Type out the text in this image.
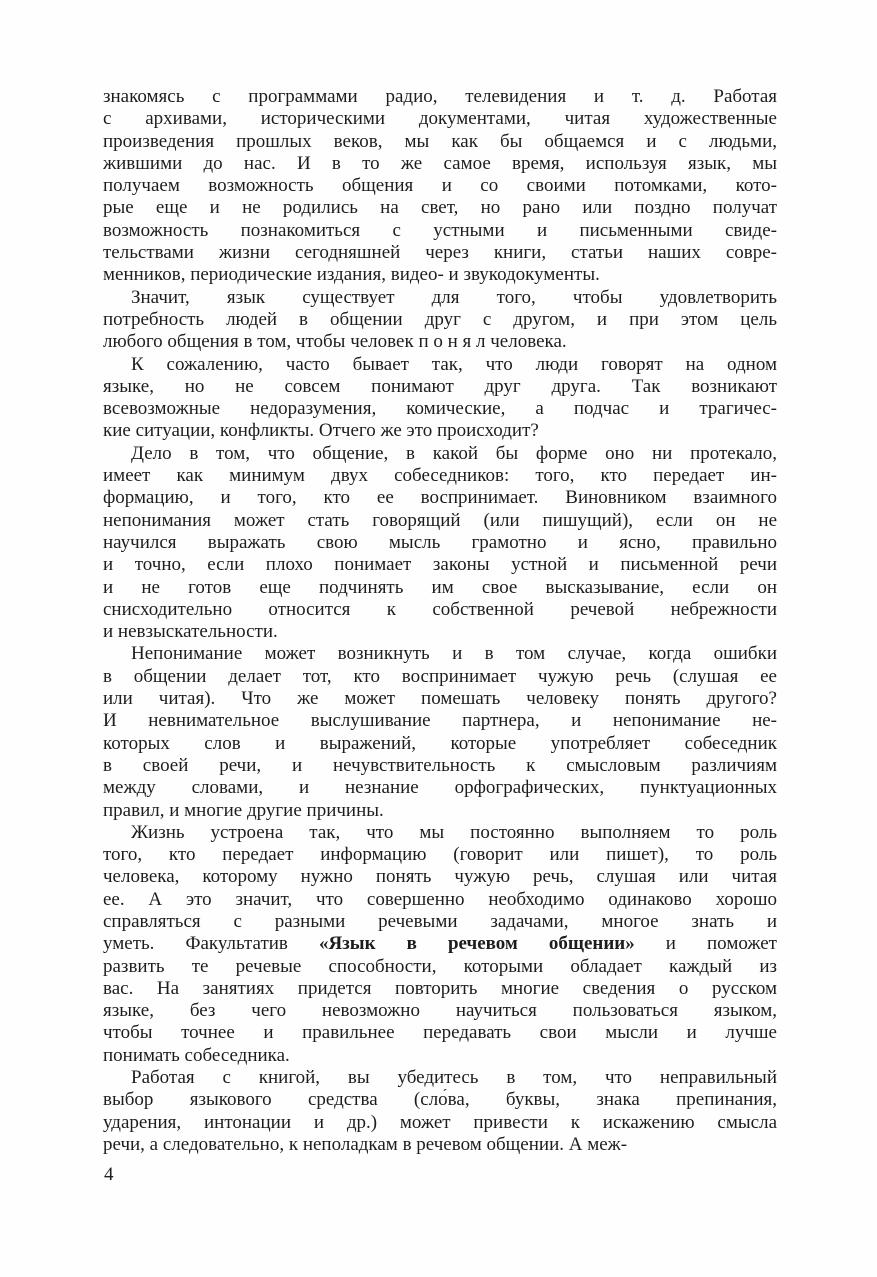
знакомясь с программами радио, телевидения и т. д. Работая
с архивами, историческими документами, читая художественные
произведения прошлых веков, мы как бы общаемся и с людьми,
жившими до нас. И в то же самое время, используя язык, мы
получаем возможность общения и со своими потомками, кото-
рые еще и не родились на свет, но рано или поздно получат
возможность познакомиться с устными и письменными свиде-
тельствами жизни сегодняшней через книги, статьи наших совре-
менников, периодические издания, видео- и звукодокументы.
Значит, язык существует для того, чтобы удовлетворить
потребность людей в общении друг с другом, и при этом цель
любого общения в том, чтобы человек п о н я л человека.
К сожалению, часто бывает так, что люди говорят на одном
языке, но не совсем понимают друг друга. Так возникают
всевозможные недоразумения, комические, а подчас и трагичес-
кие ситуации, конфликты. Отчего же это происходит?
Дело в том, что общение, в какой бы форме оно ни протекало,
имеет как минимум двух собеседников: того, кто передает ин-
формацию, и того, кто ее воспринимает. Виновником взаимного
непонимания может стать говорящий (или пишущий), если он не
научился выражать свою мысль грамотно и ясно, правильно
и точно, если плохо понимает законы устной и письменной речи
и не готов еще подчинять им свое высказывание, если он
снисходительно относится к собственной речевой небрежности
и невзыскательности.
Непонимание может возникнуть и в том случае, когда ошибки
в общении делает тот, кто воспринимает чужую речь (слушая ее
или читая). Что же может помешать человеку понять другого?
И невнимательное выслушивание партнера, и непонимание не-
которых слов и выражений, которые употребляет собеседник
в своей речи, и нечувствительность к смысловым различиям
между словами, и незнание орфографических, пунктуационных
правил, и многие другие причины.
Жизнь устроена так, что мы постоянно выполняем то роль
того, кто передает информацию (говорит или пишет), то роль
человека, которому нужно понять чужую речь, слушая или читая
ее. А это значит, что совершенно необходимо одинаково хорошо
справляться с разными речевыми задачами, многое знать и
уметь. Факультатив «Язык в речевом общении» и поможет
развить те речевые способности, которыми обладает каждый из
вас. На занятиях придется повторить многие сведения о русском
языке, без чего невозможно научиться пользоваться языком,
чтобы точнее и правильнее передавать свои мысли и лучше
понимать собеседника.
Работая с книгой, вы убедитесь в том, что неправильный
выбор языкового средства (сло́ва, буквы, знака препинания,
ударения, интонации и др.) может привести к искажению смысла
речи, а следовательно, к неполадкам в речевом общении. А меж-
4
